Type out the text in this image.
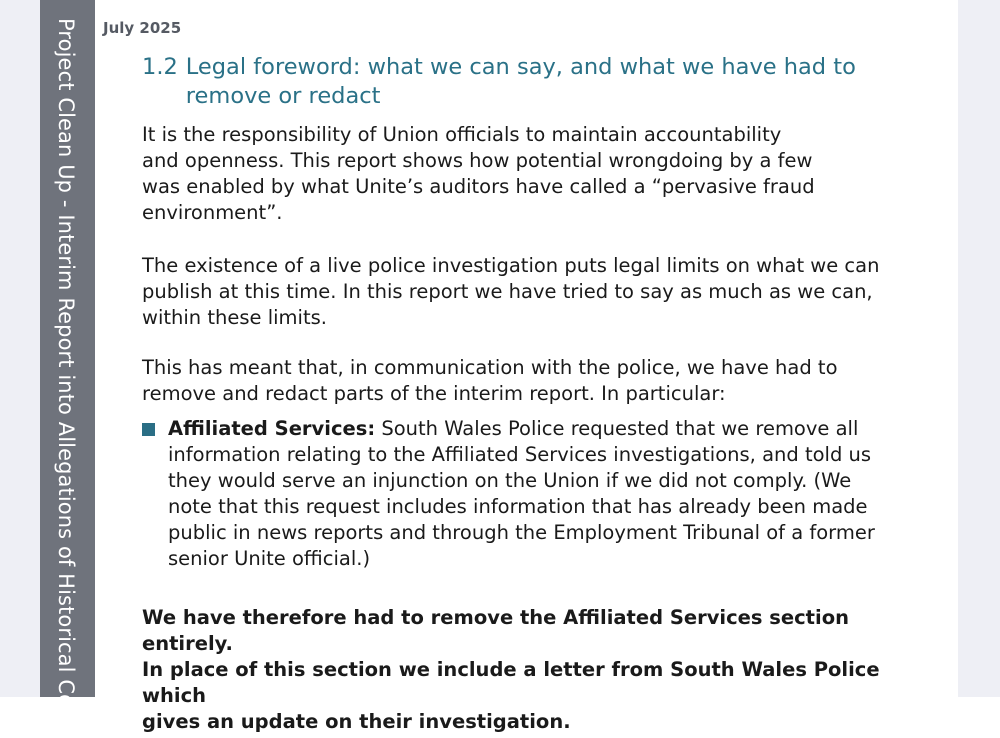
Project Clean Up - Interim Report into Allegations of Historical Corru July 2025
1.2 Legal foreword: what we can say, and what we have had to
remove or redact

It is the responsibility of Union officials to maintain accountability
and openness. This report shows how potential wrongdoing by a few
was enabled by what Unite’s auditors have called a “pervasive fraud
environment”.

The existence of a live police investigation puts legal limits on what we can
publish at this time. In this report we have tried to say as much as we can,
within these limits.

This has meant that, in communication with the police, we have had to
remove and redact parts of the interim report. In particular:

Affiliated Services: South Wales Police requested that we remove all
information relating to the Affiliated Services investigations, and told us
they would serve an injunction on the Union if we did not comply. (We
note that this request includes information that has already been made
public in news reports and through the Employment Tribunal of a former
senior Unite official.)

We have therefore had to remove the Affiliated Services section entirely.
In place of this section we include a letter from South Wales Police which
gives an update on their investigation.
